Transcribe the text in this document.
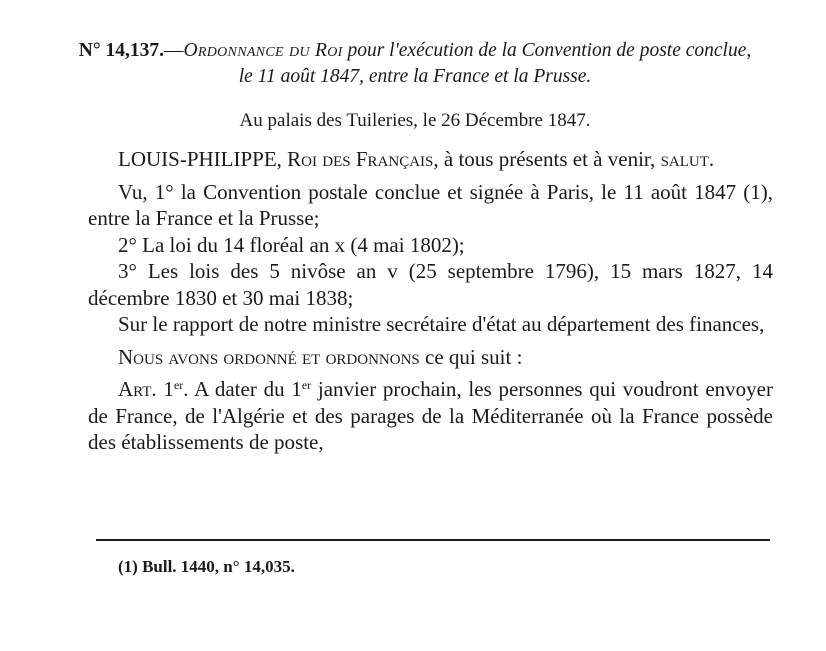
N° 14,137.—Ordonnance du Roi pour l'exécution de la Convention de poste conclue, le 11 août 1847, entre la France et la Prusse.
Au palais des Tuileries, le 26 Décembre 1847.

LOUIS-PHILIPPE, Roi des Français, à tous présents et à venir, salut.

Vu, 1° la Convention postale conclue et signée à Paris, le 11 août 1847 (1), entre la France et la Prusse;

2° La loi du 14 floréal an x (4 mai 1802);

3° Les lois des 5 nivôse an v (25 septembre 1796), 15 mars 1827, 14 décembre 1830 et 30 mai 1838;

Sur le rapport de notre ministre secrétaire d'état au département des finances,

Nous avons ordonné et ordonnons ce qui suit :

Art. 1er. A dater du 1er janvier prochain, les personnes qui voudront envoyer de France, de l'Algérie et des parages de la Méditerranée où la France possède des établissements de poste,

(1) Bull. 1440, n° 14,035.
